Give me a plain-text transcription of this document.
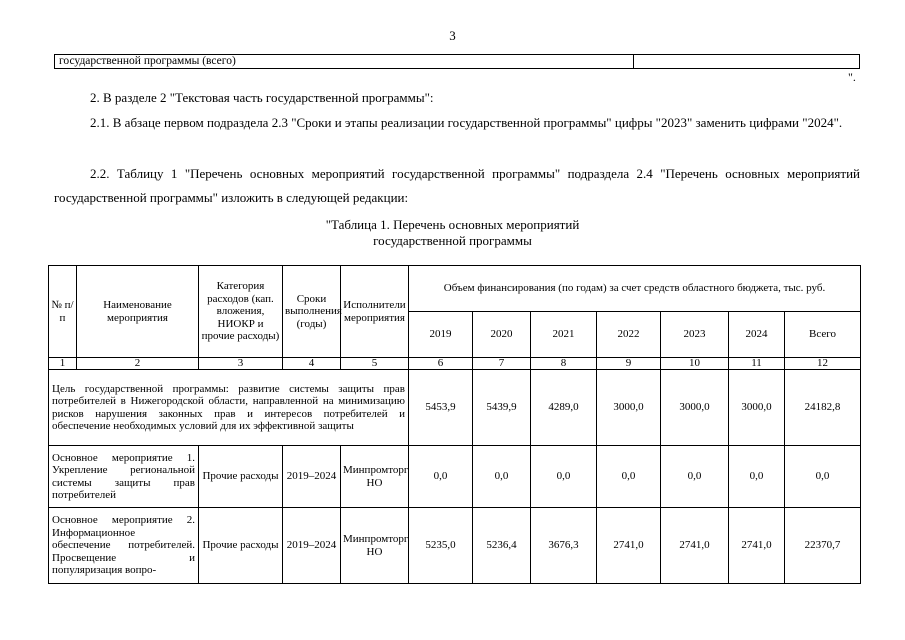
3
государственной программы (всего)	
".
2. В разделе 2 "Текстовая часть государственной программы":
2.1. В абзаце первом подраздела 2.3 "Сроки и этапы реализации государственной программы" цифры "2023" заменить цифрами "2024".
2.2. Таблицу 1 "Перечень основных мероприятий государственной программы" подраздела 2.4 "Перечень основных мероприятий государственной программы" изложить в следующей редакции:
"Таблица 1. Перечень основных мероприятий
государственной программы
№ п/п	Наименование мероприятия	Категория расходов (кап. вложения, НИОКР и прочие расходы)	Сроки выполнения (годы)	Исполнители мероприятия	Объем финансирования (по годам) за счет средств областного бюджета, тыс. руб.						
					2019	2020	2021	2022	2023	2024	Всего
1	2	3	4	5	6	7	8	9	10	11	12
Цель государственной программы: развитие системы защиты прав потребителей в Нижегородской области, направленной на минимизацию рисков нарушения законных прав и интересов потребителей и обеспечение необходимых условий для их эффективной защиты					5453,9	5439,9	4289,0	3000,0	3000,0	3000,0	24182,8
Основное мероприятие 1. Укрепление региональной системы защиты прав потребителей		Прочие расходы	2019–2024	Минпромторг НО	0,0	0,0	0,0	0,0	0,0	0,0	0,0
Основное мероприятие 2. Информационное обеспечение потребителей. Просвещение и популяризация вопро-		Прочие расходы	2019–2024	Минпромторг НО	5235,0	5236,4	3676,3	2741,0	2741,0	2741,0	22370,7
